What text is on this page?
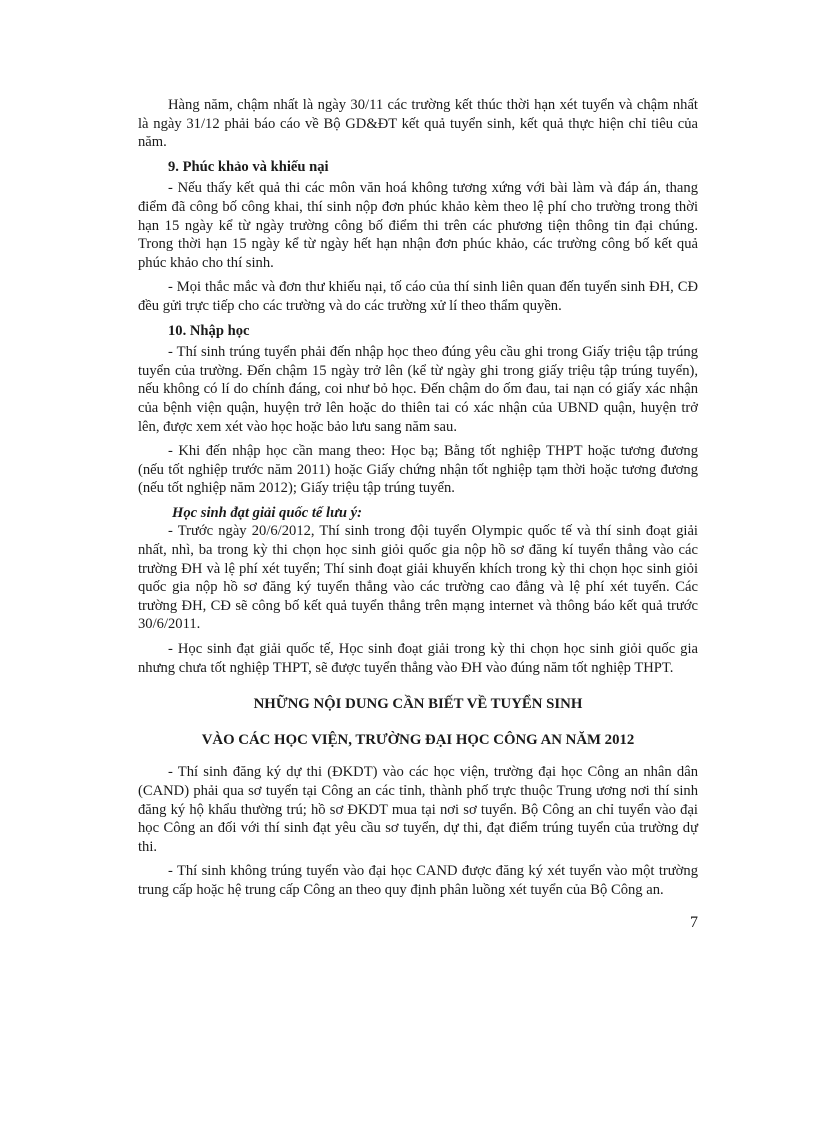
Hàng năm, chậm nhất là ngày 30/11 các trường kết thúc thời hạn xét tuyển và chậm nhất là ngày 31/12 phải báo cáo về Bộ GD&ĐT kết quả tuyển sinh, kết quả thực hiện chỉ tiêu của năm.

9. Phúc khảo và khiếu nại

- Nếu thấy kết quả thi các môn văn hoá không tương xứng với bài làm và đáp án, thang điểm đã công bố công khai, thí sinh nộp đơn phúc khảo kèm theo lệ phí cho trường trong thời hạn 15 ngày kể từ ngày trường công bố điểm thi trên các phương tiện thông tin đại chúng. Trong thời hạn 15 ngày kể từ ngày hết hạn nhận đơn phúc khảo, các trường công bố kết quả phúc khảo cho thí sinh.

- Mọi thắc mắc và đơn thư khiếu nại, tố cáo của thí sinh liên quan đến tuyển sinh ĐH, CĐ đều gửi trực tiếp cho các trường và do các trường xử lí theo thẩm quyền.

10. Nhập học

- Thí sinh trúng tuyển phải đến nhập học theo đúng yêu cầu ghi trong Giấy triệu tập trúng tuyển của trường. Đến chậm 15 ngày trở lên (kể từ ngày ghi trong giấy triệu tập trúng tuyển), nếu không có lí do chính đáng, coi như bỏ học. Đến chậm do ốm đau, tai nạn có giấy xác nhận của bệnh viện quận, huyện trở lên hoặc do thiên tai có xác nhận của UBND quận, huyện trở lên, được xem xét vào học hoặc bảo lưu sang năm sau.

- Khi đến nhập học cần mang theo: Học bạ; Bằng tốt nghiệp THPT hoặc tương đương (nếu tốt nghiệp trước năm 2011) hoặc Giấy chứng nhận tốt nghiệp tạm thời hoặc tương đương (nếu tốt nghiệp năm 2012); Giấy triệu tập trúng tuyển.

Học sinh đạt giải quốc tế lưu ý:

- Trước ngày 20/6/2012, Thí sinh trong đội tuyển Olympic quốc tế và thí sinh đoạt giải nhất, nhì, ba trong kỳ thi chọn học sinh giỏi quốc gia nộp hồ sơ đăng kí tuyển thẳng vào các trường ĐH và lệ phí xét tuyển; Thí sinh đoạt giải khuyến khích trong kỳ thi chọn học sinh giỏi quốc gia nộp hồ sơ đăng ký tuyển thẳng vào các trường cao đẳng và lệ phí xét tuyển. Các trường ĐH, CĐ sẽ công bố kết quả tuyển thẳng trên mạng internet và thông báo kết quả trước 30/6/2011.

- Học sinh đạt giải quốc tế, Học sinh đoạt giải trong kỳ thi chọn học sinh giỏi quốc gia nhưng chưa tốt nghiệp THPT, sẽ được tuyển thẳng vào ĐH vào đúng năm tốt nghiệp THPT.

NHỮNG NỘI DUNG CẦN BIẾT VỀ TUYỂN SINH

VÀO CÁC HỌC VIỆN, TRƯỜNG ĐẠI HỌC CÔNG AN NĂM 2012

- Thí sinh đăng ký dự thi (ĐKDT) vào các học viện, trường đại học Công an nhân dân (CAND) phải qua sơ tuyển tại Công an các tỉnh, thành phố trực thuộc Trung ương nơi thí sinh đăng ký hộ khẩu thường trú; hồ sơ ĐKDT mua tại nơi sơ tuyển. Bộ Công an chỉ tuyển vào đại học Công an đối với thí sinh đạt yêu cầu sơ tuyển, dự thi, đạt điểm trúng tuyển của trường dự thi.

- Thí sinh không trúng tuyển vào đại học CAND được đăng ký xét tuyển vào một trường trung cấp hoặc hệ trung cấp Công an theo quy định phân luồng xét tuyển của Bộ Công an.

7
